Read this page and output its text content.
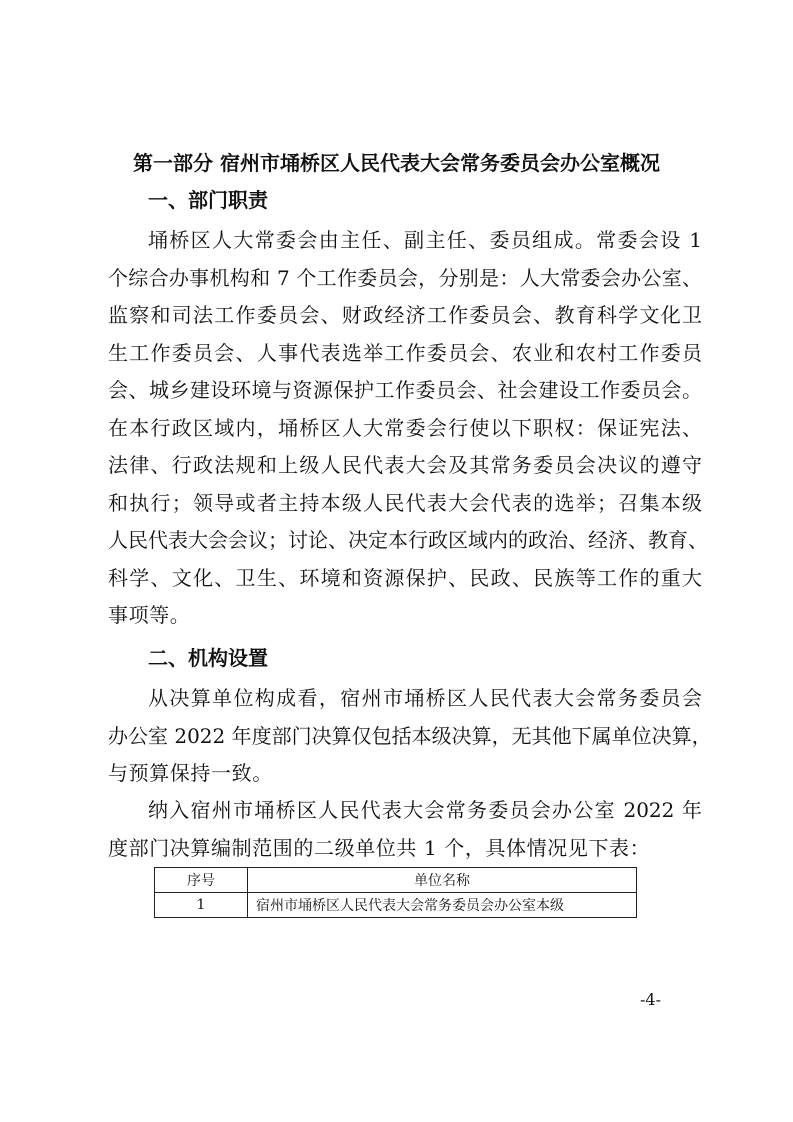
第一部分 宿州市埇桥区人民代表大会常务委员会办公室概况
一、部门职责
埇桥区人大常委会由主任、副主任、委员组成。常委会设 1
个综合办事机构和 7 个工作委员会，分别是：人大常委会办公室、
监察和司法工作委员会、财政经济工作委员会、教育科学文化卫
生工作委员会、人事代表选举工作委员会、农业和农村工作委员
会、城乡建设环境与资源保护工作委员会、社会建设工作委员会。
在本行政区域内，埇桥区人大常委会行使以下职权：保证宪法、
法律、行政法规和上级人民代表大会及其常务委员会决议的遵守
和执行；领导或者主持本级人民代表大会代表的选举；召集本级
人民代表大会会议；讨论、决定本行政区域内的政治、经济、教育、
科学、文化、卫生、环境和资源保护、民政、民族等工作的重大
事项等。
二、机构设置
从决算单位构成看，宿州市埇桥区人民代表大会常务委员会
办公室 2022 年度部门决算仅包括本级决算，无其他下属单位决算，
与预算保持一致。
纳入宿州市埇桥区人民代表大会常务委员会办公室 2022 年
度部门决算编制范围的二级单位共 1 个，具体情况见下表：
序号	单位名称
1	宿州市埇桥区人民代表大会常务委员会办公室本级
-4-
